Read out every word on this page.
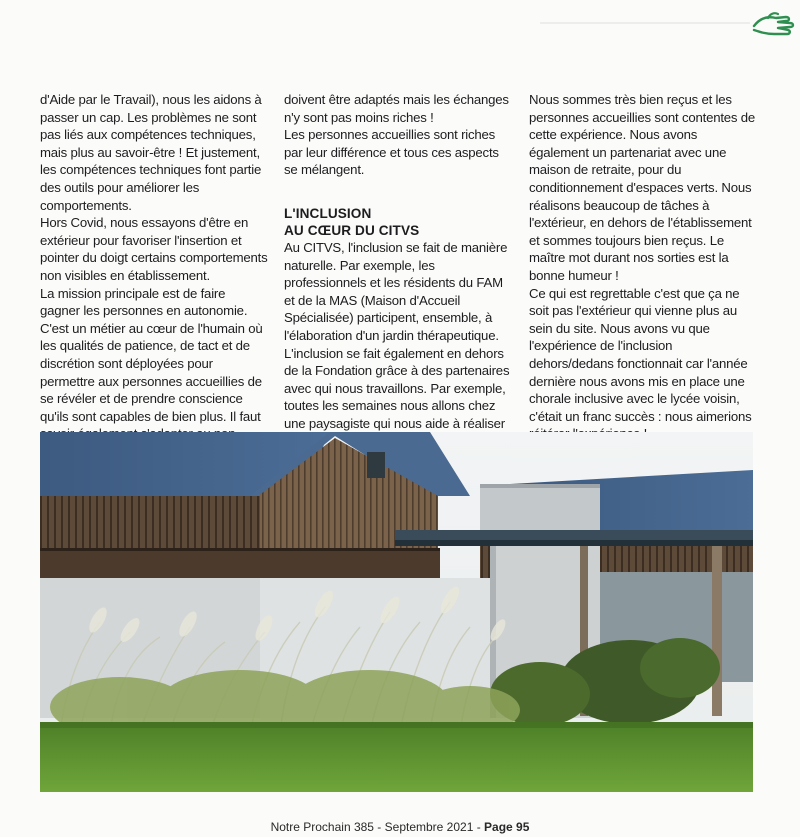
d'Aide par le Travail), nous les aidons à passer un cap. Les problèmes ne sont pas liés aux compétences techniques, mais plus au savoir-être ! Et justement, les compétences techniques font partie des outils pour améliorer les comportements.

Hors Covid, nous essayons d'être en extérieur pour favoriser l'insertion et pointer du doigt certains comportements non visibles en établissement.

La mission principale est de faire gagner les personnes en autonomie. C'est un métier au cœur de l'humain où les qualités de patience, de tact et de discrétion sont déployées pour permettre aux personnes accueillies de se révéler et de prendre conscience qu'ils sont capables de bien plus. Il faut

doivent être adaptés mais les échanges n'y sont pas moins riches !

Les personnes accueillies sont riches par leur différence et tous ces aspects se mélangent.

L'INCLUSION
AU CŒUR DU CITVS

Au CITVS, l'inclusion se fait de manière naturelle. Par exemple, les professionnels et les résidents du FAM et de la MAS (Maison d'Accueil Spécialisée) participent, ensemble, à l'élaboration d'un jardin thérapeutique.

L'inclusion se fait également en dehors de la Fondation grâce à des partenaires avec qui nous travaillons. Par exemple, toutes les semaines nous allons chez une paysagiste qui nous aide à réaliser

Nous sommes très bien reçus et les personnes accueillies sont contentes de cette expérience. Nous avons également un partenariat avec une maison de retraite, pour du conditionnement d'espaces verts. Nous réalisons beaucoup de tâches à l'extérieur, en dehors de l'établissement et sommes toujours bien reçus. Le maître mot durant nos sorties est la bonne humeur !

Ce qui est regrettable c'est que ça ne soit pas l'extérieur qui vienne plus au sein du site. Nous avons vu que l'expérience de l'inclusion dehors/dedans fonctionnait car l'année dernière nous avons mis en place une chorale inclusive avec le lycée voisin, c'était un franc succès : nous aimerions

Notre Prochain 385 - Septembre 2021 - Page 95
